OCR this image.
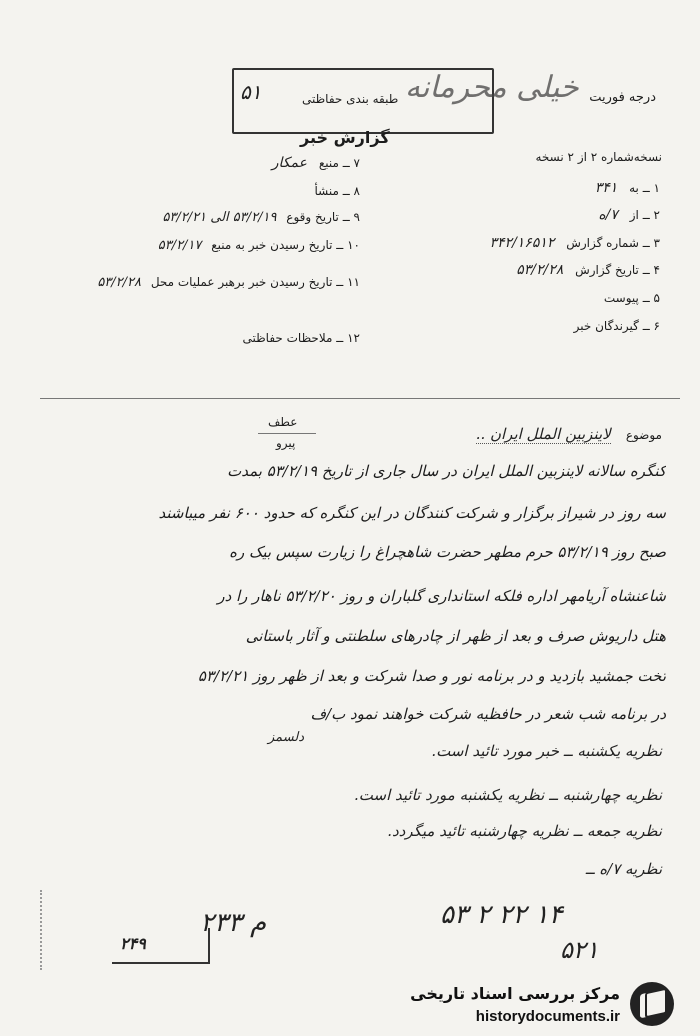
درجه فوریت
طبقه بندی حفاظتی خیلی محرمانه
۵۱
گزارش خبر
نسخه‌شماره ۲ از ۲ نسخه
۱ ــ به ۳۴۱
۲ ــ از ۷/ه
۳ ــ شماره گزارش ۳۴۲/۱۶۵۱۲
۴ ــ تاریخ گزارش ۵۳/۲/۲۸
۵ ــ پیوست
۶ ــ گیرندگان خبر
۷ ــ منبع عمکار
۸ ــ منشأ
۹ ــ تاریخ وقوع ۵۳/۲/۱۹ الی ۵۳/۲/۲۱
۱۰ ــ تاریخ رسیدن خبر به منبع ۵۳/۲/۱۷
۱۱ ــ تاریخ رسیدن خبر برهبر عملیات محل ۵۳/۲/۲۸
۱۲ ــ ملاحظات حفاظتی
عطف
پیرو
موضوع لاینزبین الملل ایران ..
کنگره سالانه لاینزبین الملل ایران در سال جاری از تاریخ ۵۳/۲/۱۹ بمدت
سه روز در شیراز برگزار و شرکت کنندگان در این کنگره که حدود ۶۰۰ نفر میباشند
صبح روز ۵۳/۲/۱۹ حرم مطهر حضرت شاهچراغ را زیارت سپس بیک ره
شاعنشاه آریامهر اداره فلکه استانداری گلباران و روز ۵۳/۲/۲۰ ناهار را در
هتل داریوش صرف و بعد از ظهر از چادرهای سلطنتی و آثار باستانی
تخت جمشید بازدید و در برنامه نور و صدا شرکت و بعد از ظهر روز ۵۳/۲/۲۱
در برنامه شب شعر در حافظیه شرکت خواهند نمود ب/ف
نظریه یکشنبه ــ خبر مورد تائید است.
دلسمز
نظریه چهارشنبه ــ نظریه یکشنبه مورد تائید است.
نظریه جمعه ــ نظریه چهارشنبه تائید میگردد.
نظریه ۷/ه ــ
۲۴۹
م ۲۳۳	۵۳ ۲ ۲۲ ۱۴
۵۲۱
مرکز بررسی اسناد تاریخی
historydocuments.ir
